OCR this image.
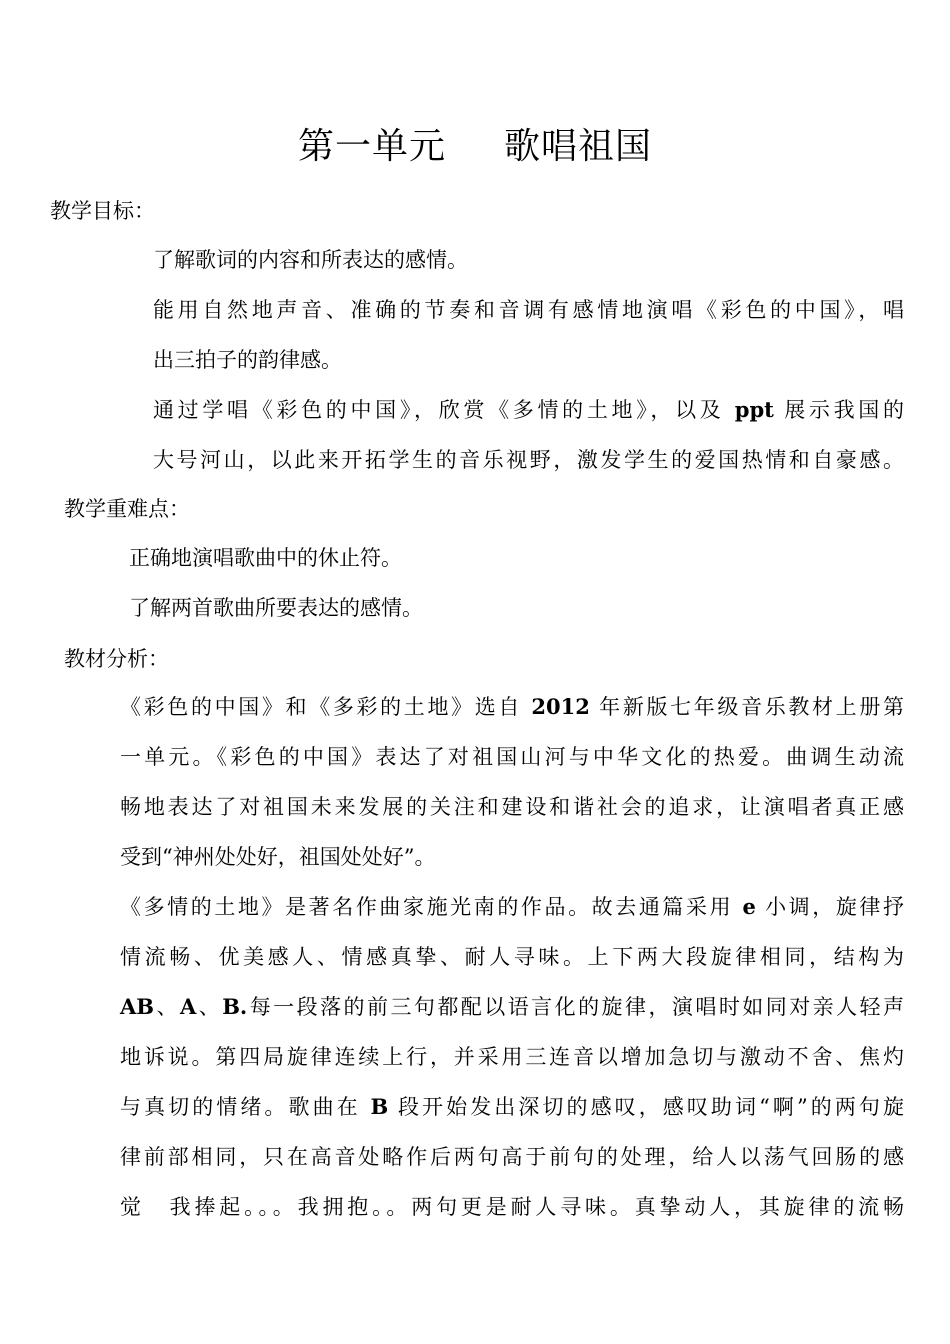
第一单元 歌唱祖国
教学目标：
了解歌词的内容和所表达的感情。
能用自然地声音、准确的节奏和音调有感情地演唱《彩色的中国》，唱
出三拍子的韵律感。
通过学唱《彩色的中国》，欣赏《多情的土地》，以及 ppt 展示我国的
大号河山，以此来开拓学生的音乐视野，激发学生的爱国热情和自豪感。
教学重难点：
正确地演唱歌曲中的休止符。
了解两首歌曲所要表达的感情。
教材分析：
《彩色的中国》和《多彩的土地》选自 2012 年新版七年级音乐教材上册第
一单元。《彩色的中国》表达了对祖国山河与中华文化的热爱。曲调生动流
畅地表达了对祖国未来发展的关注和建设和谐社会的追求，让演唱者真正感
受到“神州处处好，祖国处处好”。
《多情的土地》是著名作曲家施光南的作品。故去通篇采用 e 小调，旋律抒
情流畅、优美感人、情感真挚、耐人寻味。上下两大段旋律相同，结构为
AB、A、B.每一段落的前三句都配以语言化的旋律，演唱时如同对亲人轻声
地诉说。第四局旋律连续上行，并采用三连音以增加急切与激动不舍、焦灼
与真切的情绪。歌曲在 B 段开始发出深切的感叹，感叹助词“啊”的两句旋
律前部相同，只在高音处略作后两句高于前句的处理，给人以荡气回肠的感
觉　我捧起。。。我拥抱。。两句更是耐人寻味。真挚动人，其旋律的流畅
